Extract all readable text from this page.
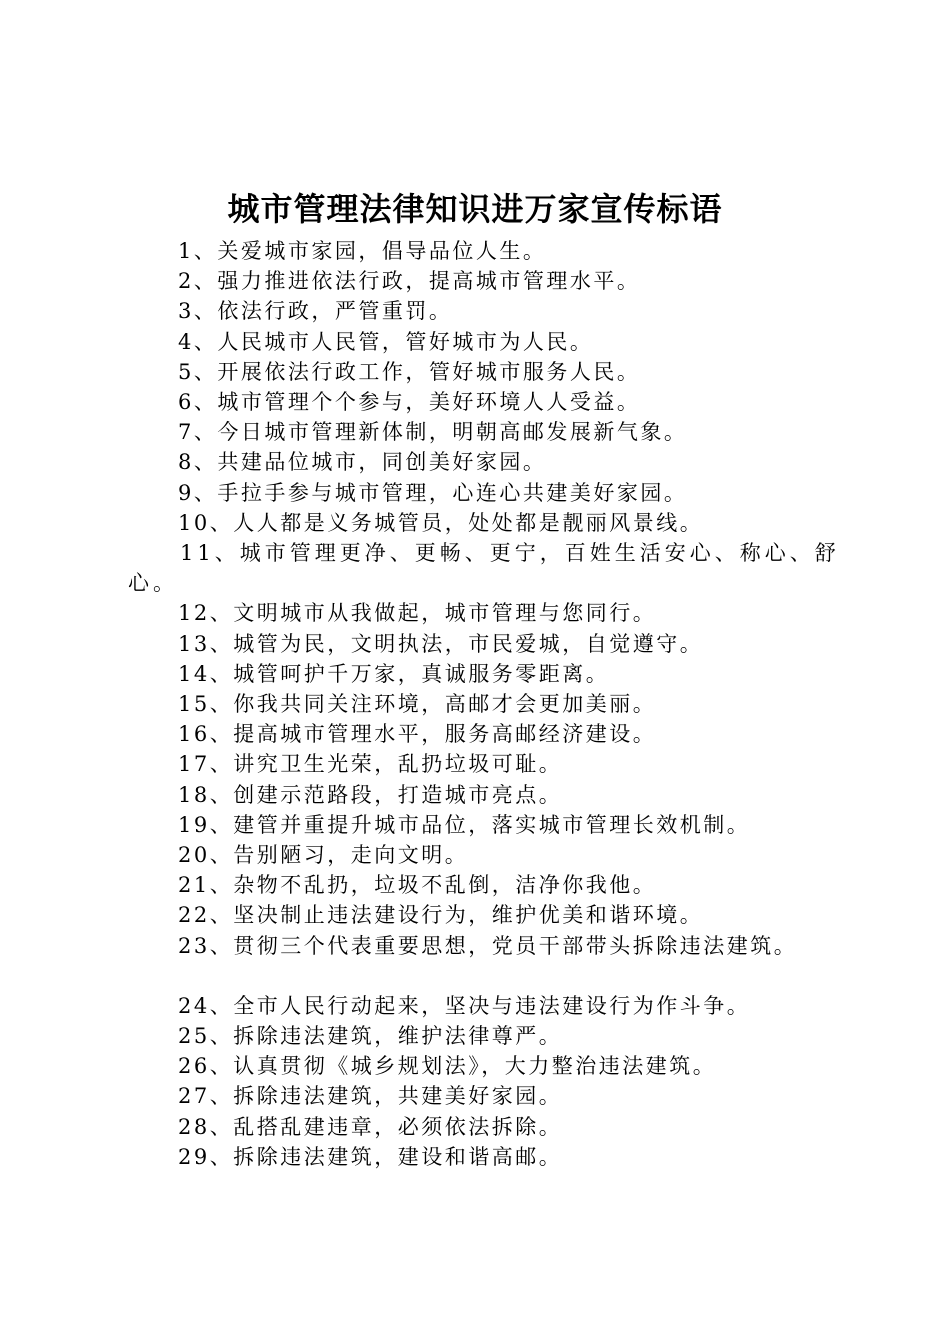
城市管理法律知识进万家宣传标语
1、关爱城市家园，倡导品位人生。
2、强力推进依法行政，提高城市管理水平。
3、依法行政，严管重罚。
4、人民城市人民管，管好城市为人民。
5、开展依法行政工作，管好城市服务人民。
6、城市管理个个参与，美好环境人人受益。
7、今日城市管理新体制，明朝高邮发展新气象。
8、共建品位城市，同创美好家园。
9、手拉手参与城市管理，心连心共建美好家园。
10、人人都是义务城管员，处处都是靓丽风景线。
11、城市管理更净、更畅、更宁，百姓生活安心、称心、舒心。
12、文明城市从我做起，城市管理与您同行。
13、城管为民，文明执法，市民爱城，自觉遵守。
14、城管呵护千万家，真诚服务零距离。
15、你我共同关注环境，高邮才会更加美丽。
16、提高城市管理水平，服务高邮经济建设。
17、讲究卫生光荣，乱扔垃圾可耻。
18、创建示范路段，打造城市亮点。
19、建管并重提升城市品位，落实城市管理长效机制。
20、告别陋习，走向文明。
21、杂物不乱扔，垃圾不乱倒，洁净你我他。
22、坚决制止违法建设行为，维护优美和谐环境。
23、贯彻三个代表重要思想，党员干部带头拆除违法建筑。
24、全市人民行动起来，坚决与违法建设行为作斗争。
25、拆除违法建筑，维护法律尊严。
26、认真贯彻《城乡规划法》，大力整治违法建筑。
27、拆除违法建筑，共建美好家园。
28、乱搭乱建违章，必须依法拆除。
29、拆除违法建筑，建设和谐高邮。
